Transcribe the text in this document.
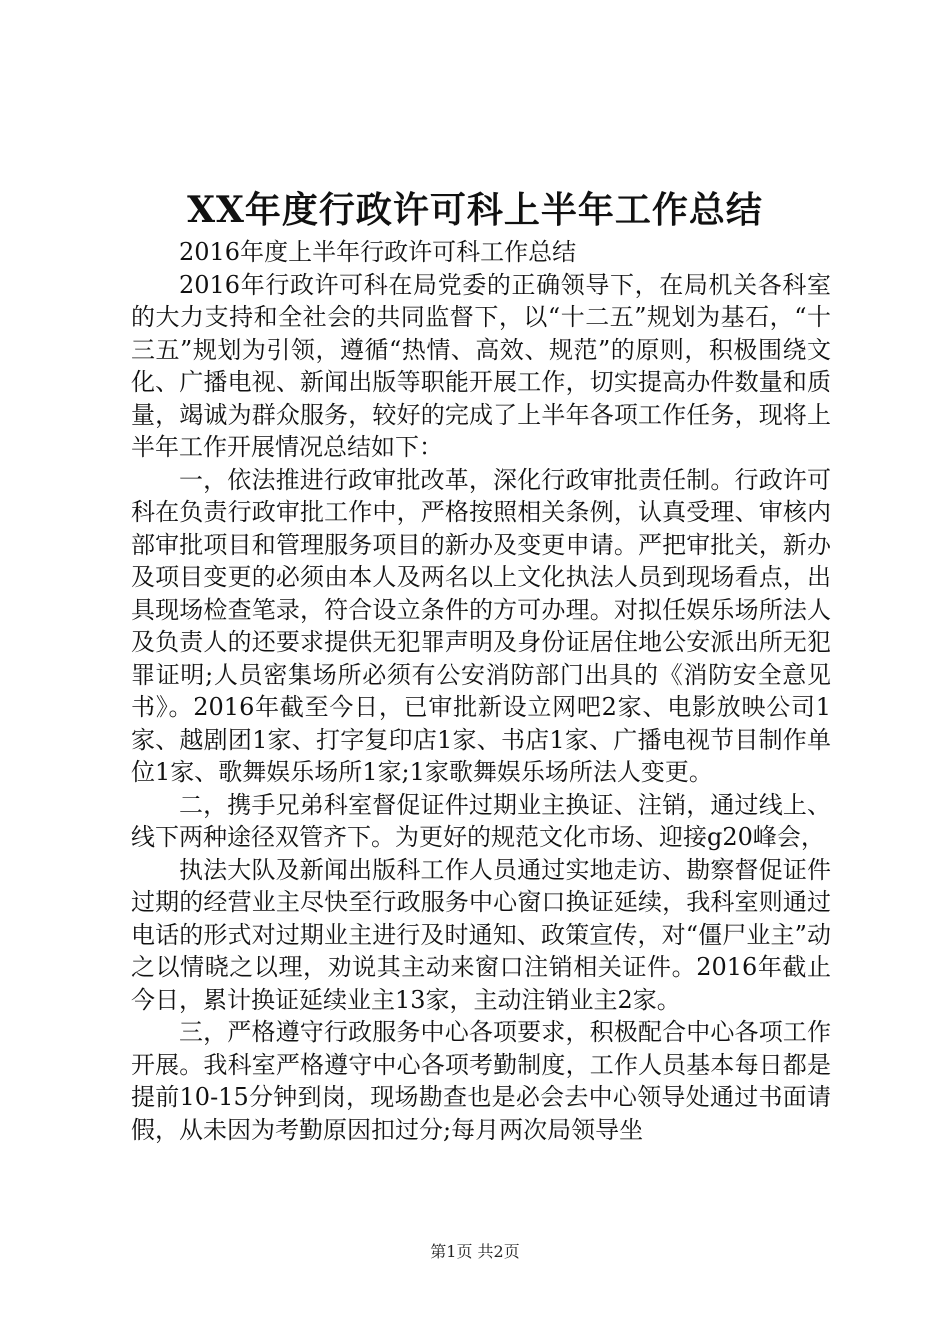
XX年度行政许可科上半年工作总结

2016年度上半年行政许可科工作总结

2016年行政许可科在局党委的正确领导下，在局机关各科室的大力支持和全社会的共同监督下，以“十二五”规划为基石，“十三五”规划为引领，遵循“热情、高效、规范”的原则，积极围绕文化、广播电视、新闻出版等职能开展工作，切实提高办件数量和质量，竭诚为群众服务，较好的完成了上半年各项工作任务，现将上半年工作开展情况总结如下：

一，依法推进行政审批改革，深化行政审批责任制。行政许可科在负责行政审批工作中，严格按照相关条例，认真受理、审核内部审批项目和管理服务项目的新办及变更申请。严把审批关，新办及项目变更的必须由本人及两名以上文化执法人员到现场看点，出具现场检查笔录，符合设立条件的方可办理。对拟任娱乐场所法人及负责人的还要求提供无犯罪声明及身份证居住地公安派出所无犯罪证明;人员密集场所必须有公安消防部门出具的《消防安全意见书》。2016年截至今日，已审批新设立网吧2家、电影放映公司1家、越剧团1家、打字复印店1家、书店1家、广播电视节目制作单位1家、歌舞娱乐场所1家;1家歌舞娱乐场所法人变更。

二，携手兄弟科室督促证件过期业主换证、注销，通过线上、线下两种途径双管齐下。为更好的规范文化市场、迎接g20峰会，

执法大队及新闻出版科工作人员通过实地走访、勘察督促证件过期的经营业主尽快至行政服务中心窗口换证延续，我科室则通过电话的形式对过期业主进行及时通知、政策宣传，对“僵尸业主”动之以情晓之以理，劝说其主动来窗口注销相关证件。2016年截止今日，累计换证延续业主13家，主动注销业主2家。

三，严格遵守行政服务中心各项要求，积极配合中心各项工作开展。我科室严格遵守中心各项考勤制度，工作人员基本每日都是提前10-15分钟到岗，现场勘查也是必会去中心领导处通过书面请假，从未因为考勤原因扣过分;每月两次局领导坐

第1页 共2页
